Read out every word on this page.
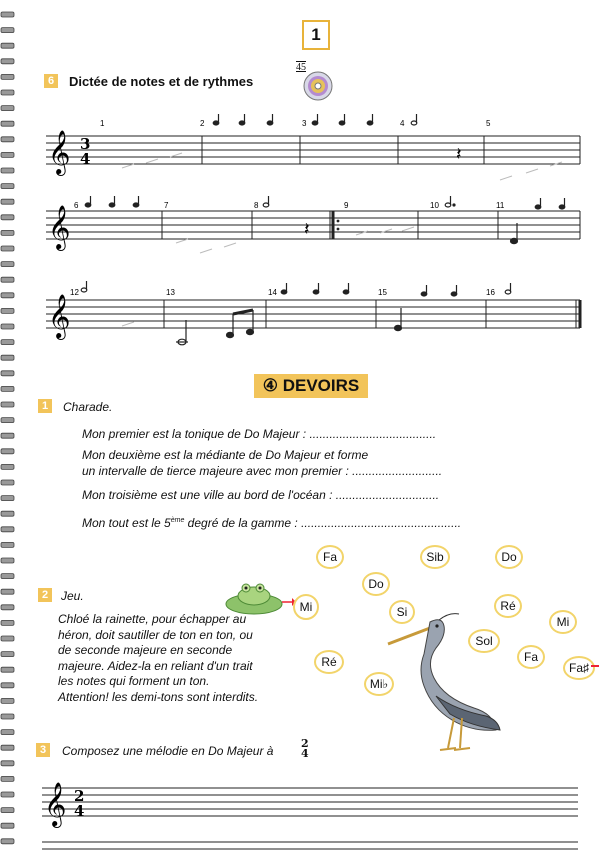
1
6	Dictée de notes et de rythmes
45
𝄞 3
4
1	2	3	4	5
𝄽
𝄞 6	7	8	9	10	11
𝄽
𝄞
12	13	14	15	16
④ DEVOIRS
1	Charade.
Mon premier est la tonique de Do Majeur : ......................................
Mon deuxième est la médiante de Do Majeur et forme
un intervalle de tierce majeure avec mon premier : ...........................
Mon troisième est une ville au bord de l'océan : ...............................
Mon tout est le 5ème degré de la gamme : ................................................
2	Jeu.
Chloé la rainette, pour échapper au
héron, doit sautiller de ton en ton, ou
de seconde majeure en seconde
majeure. Aidez-la en reliant d'un trait
les notes qui forment un ton.
Attention! les demi-tons sont interdits.
Mi
Fa	Sib	Do
Do
Si	Ré
Mi
Sol
Fa
Fa♯
Ré
Mi♭
3	Composez une mélodie en Do Majeur à
2
4
𝄞 2
4
